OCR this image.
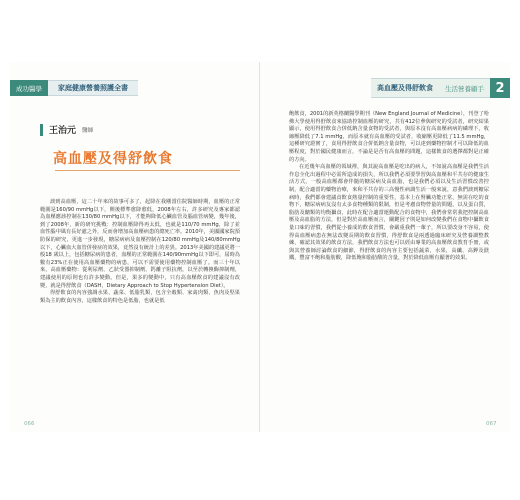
成功醫學	家庭健康營養照護全書	高血壓及得舒飲食	生活營養顧手 2
王治元 醫師
高血壓及得舒飲食

談到高血壓，這二十年來的故事可多了，起降在我剛當住院醫師時期，血壓的正常範圍是160/90 mmHg以下，開後標準愈降愈低，2008年左右，許多研究及專家都認為血壓應該控制在130/80 mmHg以下，才能夠降低心臟血管及腦血管病變，幾年後，到了2008年，新的研究挑戰：控制血壓降得再太低，也就是110/70 mmHg，除了並血性腦中風有長好處之外，反而會增加高血壓病患的總死亡率。2010年，美國國家院預防保的研究，更進一步發現，糖尿病病及血壓控制在120/80 mmHg及140/80mmHg以下，心臟血大血管併發症的效果，竟然沒有統計上的差異。2013年美國的建議更將一般18 歲以上，包括糖尿病的患者，血壓的正常範圍在140/90mmHg以下即可，屆時為數有23%正在使用高血壓藥物的病患，可以不需要使用藥物控制血壓了。而三十年以來，高血壓藥物：從利尿劑、乙狀受器抑制劑、鈣離子阻抗劑，以至於轉換酶抑制劑，建議使用的原則也有許多變動。但是，果多的變動中，只有高血壓飲食的建議沒有改變，就是得舒飲食（DASH，Dietary Approach to Stop Hypertension Diet）。

得舒飲食的內容強調水果、蔬菜、低脂乳類，包含全穀類、家禽肉類、魚肉及堅果類為主的飲食內容，這樣飲食的特色是低脂，也就是低

飽飲食，2001的新英格蘭醫學期刊（New England Journal of Medicine），刊登了哈佛大學使用得舒飲食來協助控制血壓的研究，共有412位參與研究的受試者，研究結果顯示，使用得舒飲食合併低鈉含量食物的受試者，與原本沒有高血壓病病的磷理下，收縮壓降低了7.1 mmHg，而原本就有高血壓的受試者，收縮壓更降低了11.5 mmHg，這種研究證實了，食用得舒飲食合併低鈉含量食物，可以達到藥物控制才可以降低的血壓程度，對於國民健康而言，不論是是否有高血壓的問題，這樣飲食的選擇都對是正確的方向。

在近幾年高血壓的領域裡，與其說高血壓是吃出的病人，不如說高血壓是我們生活作息全化出過程中必需所造成的損失，所以我們必須要學習與高血壓和平共存的健康生活方式，一般高血壓都會伴隨的糖尿病及高血脂，也是我們必須以及生活習慣改善控制，配合適當的藥物治療，來和平共存的三高慢性病調生活一般來說，意我們談到糖尿病時，我們都會建議食飲食熱量控制的重要性，基本上在腎臟功能正常，無需在吃的食物下，糖尿病病友沒有太多食物種類的限制，但是考慮食物營量的問題，以及蛋白質，脂肪及醣類的均衡攝食，此時在配合適當運動配合的食物中，我們會常常我把控制高血壓及高血脂的方法，但是對於高血壓而言，關鍵因子則是如何改變我們在食物中攝飲食量口味的習慣，我們從小養成的飲食習慣，會嚴重我們一輩子，所以要改身不容易，使得高血壓病患在無法改變長期的飲食習慣，得舒飲食是兩透過臨床研究及營養調整教練，確認其效果的飲食方法，我們飲食方法也可以經由專業的高血壓飲食教育手冊，或與其營養師討論飲食的細節，得舒飲食的內容主要包括蔬菜，水果，高纖、高鉀及鎂鐵，豐富不飽和脂肪酸，降低飽和脂肪酸的含量，對於降低血壓有顯著的效果。

066	067
